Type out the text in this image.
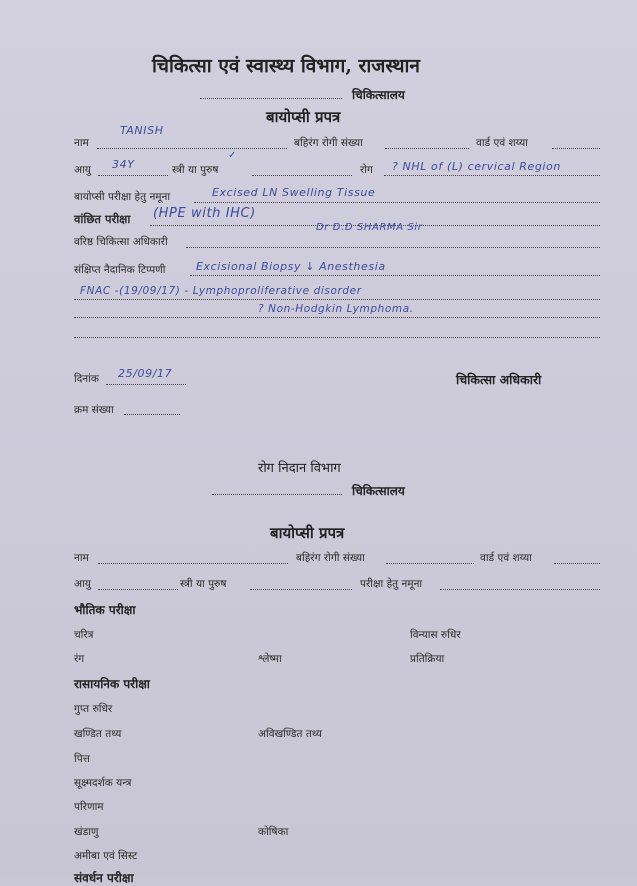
चिकित्सा एवं स्वास्थ्य विभाग, राजस्थान
चिकित्सालय
बायोप्सी प्रपत्र
नाम
TANISH
बहिरंग रोगी संख्या	वार्ड एवं शय्या
आयु 34Y	स्त्री या पुरुष
✓
रोग ? NHL of (L) cervical Region
बायोप्सी परीक्षा हेतु नमूना	Excised LN Swelling Tissue
वांछित परीक्षा (HPE with IHC)
वरिष्ठ चिकित्सा अधिकारी
Dr D.D SHARMA Sir
संक्षिप्त नैदानिक टिप्पणी	Excisional Biopsy ↓ Anesthesia
FNAC -(19/09/17) - Lymphoproliferative disorder
? Non-Hodgkin Lymphoma.
दिनांक 25/09/17	चिकित्सा अधिकारी
क्रम संख्या
रोग निदान विभाग
चिकित्सालय
बायोप्सी प्रपत्र
नाम	बहिरंग रोगी संख्या	वार्ड एवं शय्या
आयु	स्त्री या पुरुष	परीक्षा हेतु नमूना
भौतिक परीक्षा
चरित्र	विन्यास रुधिर
रंग	श्लेष्मा	प्रतिक्रिया
रासायनिक परीक्षा
गुप्त रुधिर
खण्डित तथ्य	अविखण्डित तथ्य
पित्त
सूक्ष्मदर्शक यन्त्र
परिणाम
खंडाणु	कोषिका
अमीबा एवं सिस्ट
संवर्धन परीक्षा
